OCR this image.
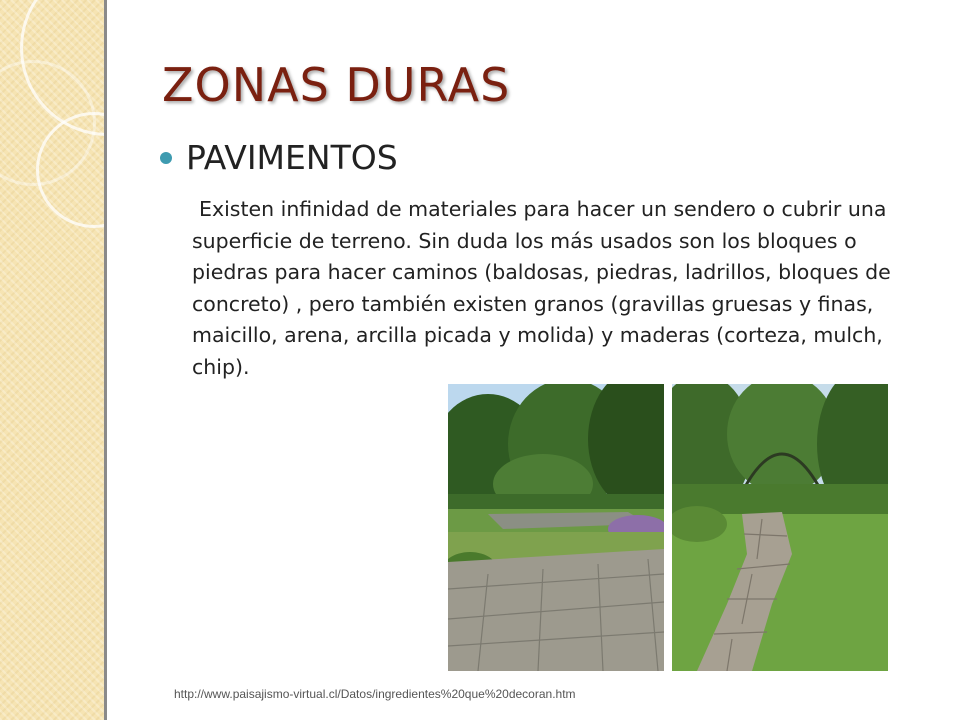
ZONAS DURAS
PAVIMENTOS

Existen infinidad de materiales para hacer un sendero o cubrir una superficie de terreno. Sin duda los más usados son los bloques o piedras para hacer caminos (baldosas, piedras, ladrillos, bloques de concreto) , pero también existen granos (gravillas gruesas y finas, maicillo, arena, arcilla picada y molida) y maderas (corteza, mulch, chip).

http://www.paisajismo-virtual.cl/Datos/ingredientes%20que%20decoran.htm
